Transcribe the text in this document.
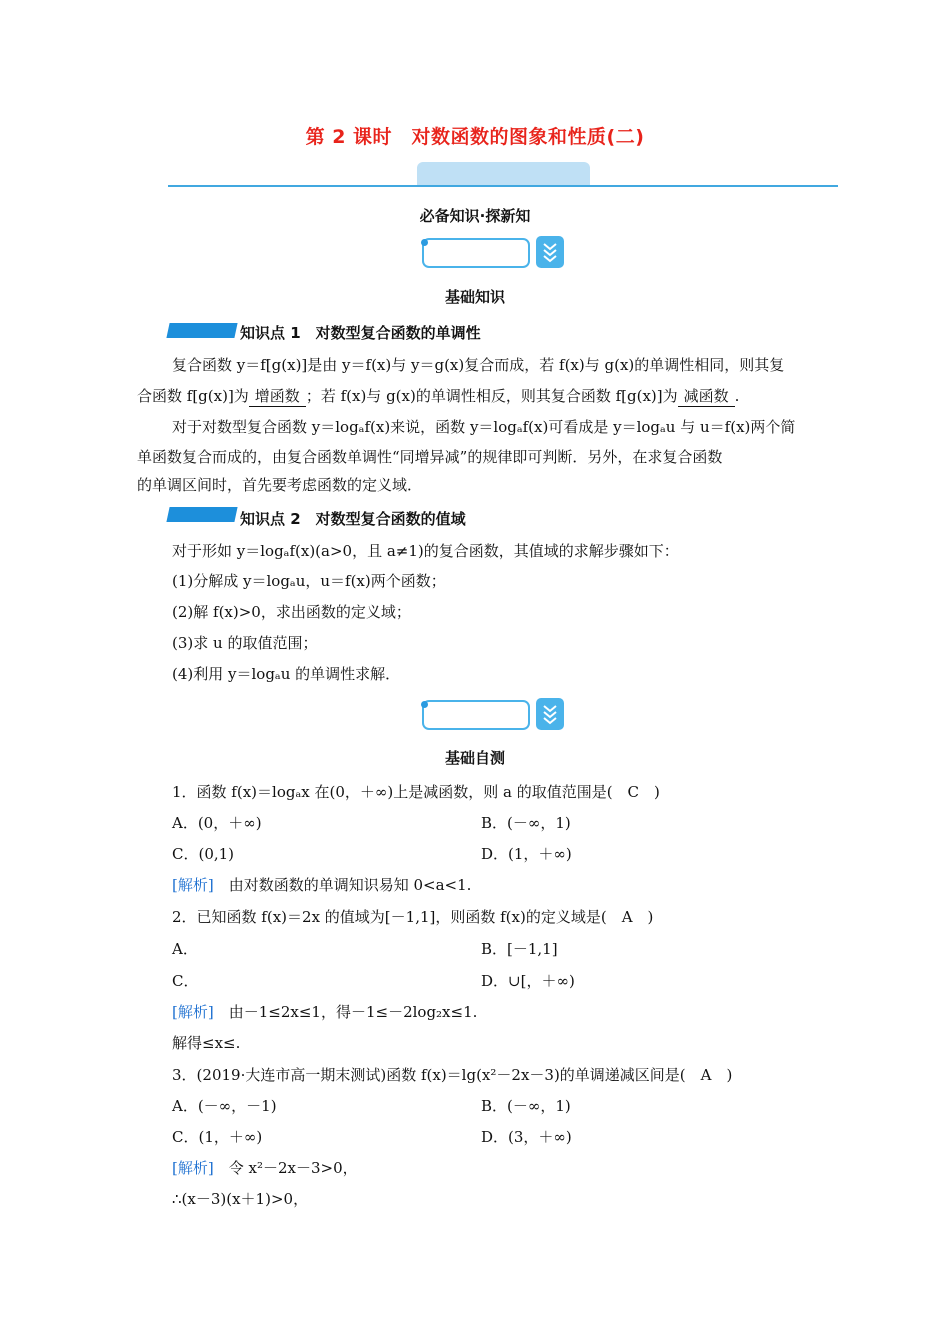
第 2 课时　对数函数的图象和性质(二)
必备知识·探新知
基础知识
知识点 1　对数型复合函数的单调性
复合函数 y＝f[g(x)]是由 y＝f(x)与 y＝g(x)复合而成，若 f(x)与 g(x)的单调性相同，则其复
合函数 f[g(x)]为 增函数 ；若 f(x)与 g(x)的单调性相反，则其复合函数 f[g(x)]为 减函数 .
对于对数型复合函数 y＝logₐf(x)来说，函数 y＝logₐf(x)可看成是 y＝logₐu 与 u＝f(x)两个简
单函数复合而成的，由复合函数单调性“同增异减”的规律即可判断．另外，在求复合函数
的单调区间时，首先要考虑函数的定义域．
知识点 2　对数型复合函数的值域
对于形如 y＝logₐf(x)(a>0，且 a≠1)的复合函数，其值域的求解步骤如下：
(1)分解成 y＝logₐu，u＝f(x)两个函数；
(2)解 f(x)>0，求出函数的定义域；
(3)求 u 的取值范围；
(4)利用 y＝logₐu 的单调性求解．
基础自测
1．函数 f(x)＝logₐx 在(0，＋∞)上是减函数，则 a 的取值范围是(　C　)
A．(0，＋∞)	B．(－∞，1)
C．(0,1)	D．(1，＋∞)
[解析]　 由对数函数的单调知识易知 0<a<1.
2．已知函数 f(x)＝2x 的值域为[－1,1]，则函数 f(x)的定义域是(　A　)
A．	B．[－1,1]
C．	D．∪[，＋∞)
[解析]　 由－1≤2x≤1，得－1≤－2log₂x≤1.
解得≤x≤.
3．(2019·大连市高一期末测试)函数 f(x)＝lg(x²－2x－3)的单调递减区间是(　A　)
A．(－∞，－1)	B．(－∞，1)
C．(1，＋∞)	D．(3，＋∞)
[解析]　 令 x²－2x－3>0，
∴(x－3)(x＋1)>0，
